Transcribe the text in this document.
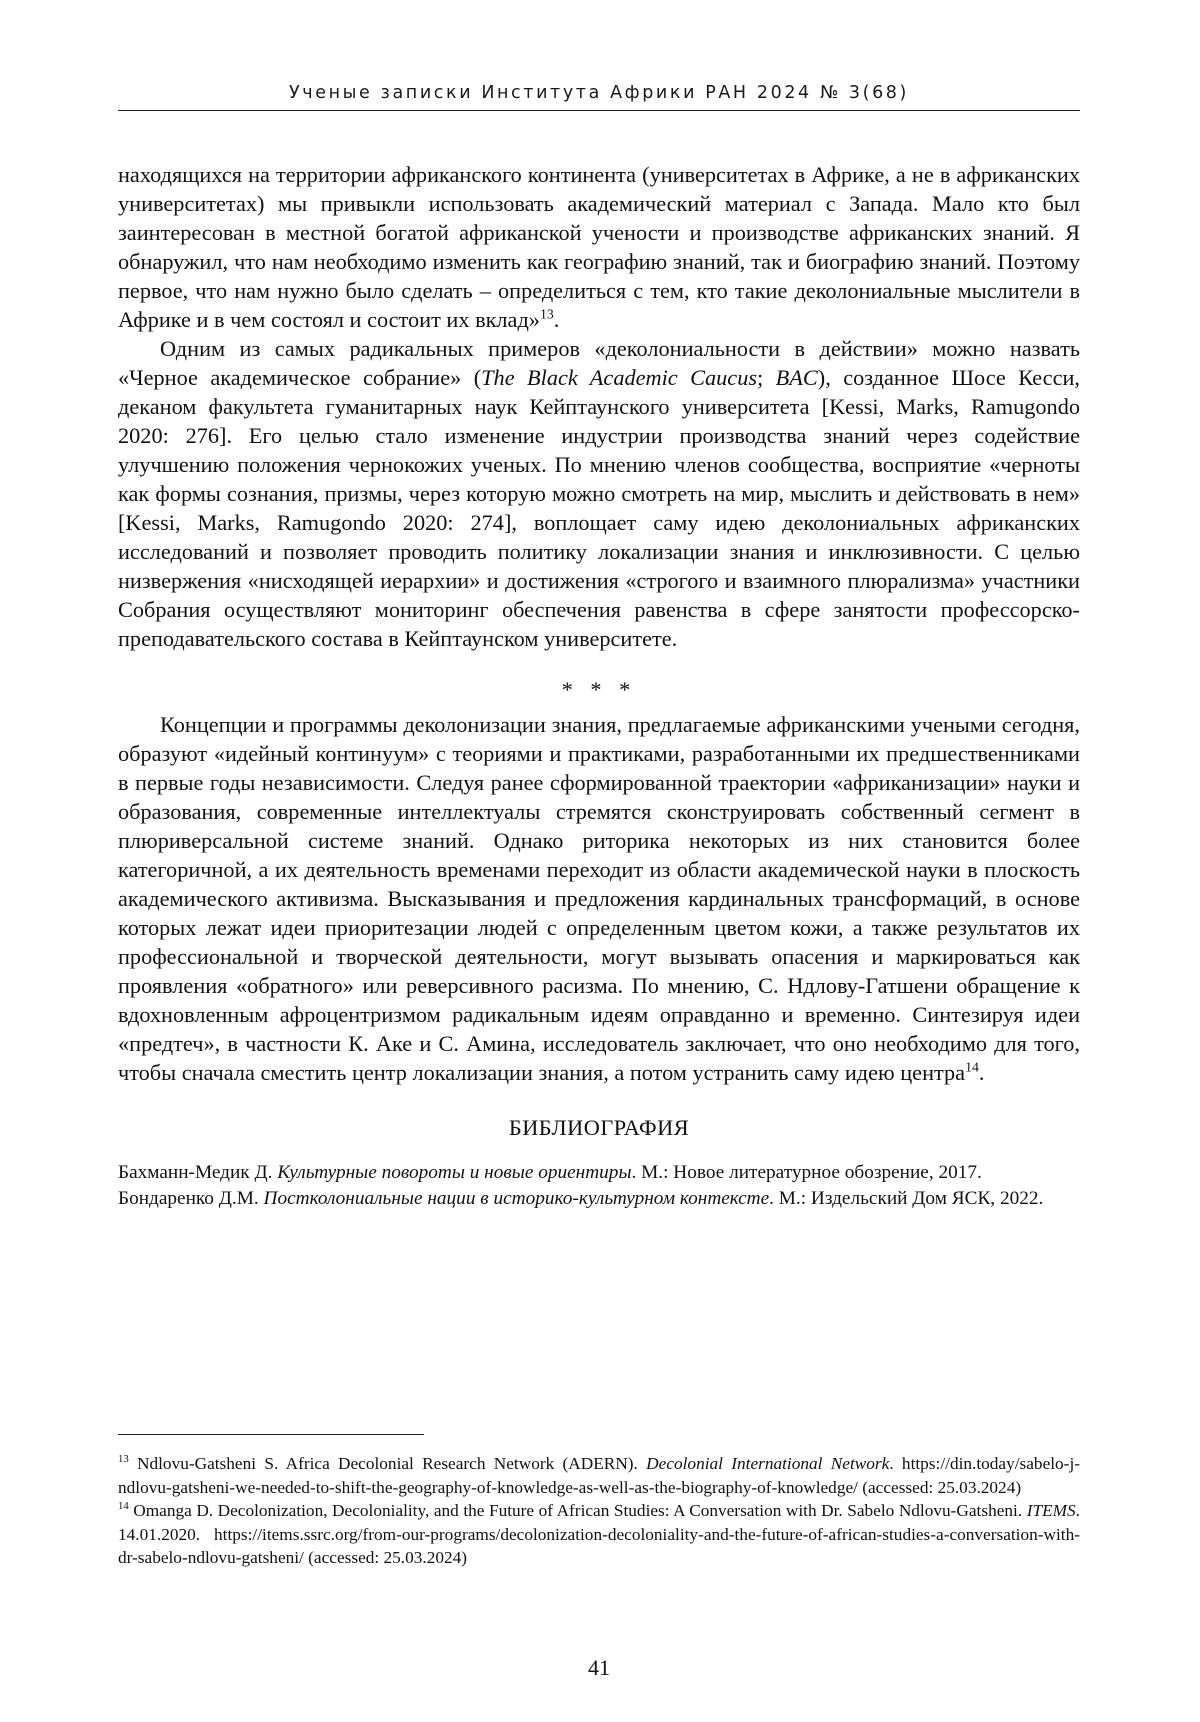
Ученые записки Института Африки РАН 2024 № 3(68)

находящихся на территории африканского континента (университетах в Африке, а не в африканских университетах) мы привыкли использовать академический материал с Запада. Мало кто был заинтересован в местной богатой африканской учености и производстве африканских знаний. Я обнаружил, что нам необходимо изменить как географию знаний, так и биографию знаний. Поэтому первое, что нам нужно было сделать – определиться с тем, кто такие деколониальные мыслители в Африке и в чем состоял и состоит их вклад»$^{13}$.

Одним из самых радикальных примеров «деколониальности в действии» можно назвать «Черное академическое собрание» (The Black Academic Caucus; BAC), созданное Шосе Кесси, деканом факультета гуманитарных наук Кейптаунского университета [Kessi, Marks, Ramugondo 2020: 276]. Его целью стало изменение индустрии производства знаний через содействие улучшению положения чернокожих ученых. По мнению членов сообщества, восприятие «черноты как формы сознания, призмы, через которую можно смотреть на мир, мыслить и действовать в нем» [Kessi, Marks, Ramugondo 2020: 274], воплощает саму идею деколониальных африканских исследований и позволяет проводить политику локализации знания и инклюзивности. С целью низвержения «нисходящей иерархии» и достижения «строгого и взаимного плюрализма» участники Собрания осуществляют мониторинг обеспечения равенства в сфере занятости профессорско-преподавательского состава в Кейптаунском университете.

* * *

Концепции и программы деколонизации знания, предлагаемые африканскими учеными сегодня, образуют «идейный континуум» с теориями и практиками, разработанными их предшественниками в первые годы независимости. Следуя ранее сформированной траектории «африканизации» науки и образования, современные интеллектуалы стремятся сконструировать собственный сегмент в плюриверсальной системе знаний. Однако риторика некоторых из них становится более категоричной, а их деятельность временами переходит из области академической науки в плоскость академического активизма. Высказывания и предложения кардинальных трансформаций, в основе которых лежат идеи приоритезации людей с определенным цветом кожи, а также результатов их профессиональной и творческой деятельности, могут вызывать опасения и маркироваться как проявления «обратного» или реверсивного расизма. По мнению, С. Ндлову-Гатшени обращение к вдохновленным афроцентризмом радикальным идеям оправданно и временно. Синтезируя идеи «предтеч», в частности К. Аке и С. Амина, исследователь заключает, что оно необходимо для того, чтобы сначала сместить центр локализации знания, а потом устранить саму идею центра$^{14}$.

БИБЛИОГРАФИЯ

Бахманн-Медик Д. Культурные повороты и новые ориентиры. М.: Новое литературное обозрение, 2017.

Бондаренко Д.М. Постколониальные нации в историко-культурном контексте. М.: Издельский Дом ЯСК, 2022.

$^{13}$ Ndlovu-Gatsheni S. Africa Decolonial Research Network (ADERN). Decolonial International Network. https://din.today/sabelo-j-ndlovu-gatsheni-we-needed-to-shift-the-geography-of-knowledge-as-well-as-the-biography-of-knowledge/ (accessed: 25.03.2024)

$^{14}$ Omanga D. Decolonization, Decoloniality, and the Future of African Studies: A Conversation with Dr. Sabelo Ndlovu-Gatsheni. ITEMS. 14.01.2020. https://items.ssrc.org/from-our-programs/decolonization-decoloniality-and-the-future-of-african-studies-a-conversation-with-dr-sabelo-ndlovu-gatsheni/ (accessed: 25.03.2024)

41
